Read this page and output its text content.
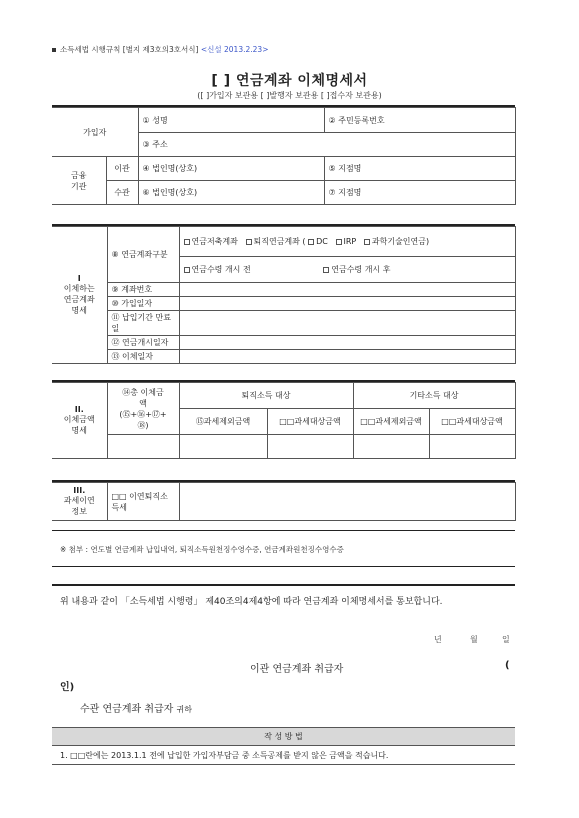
소득세법 시행규칙 [별지 제3호의3호서식] <신설 2013.2.23>
[ ] 연금계좌 이체명세서
([ ]가입자 보관용 [ ]발행자 보관용 [ ]접수자 보관용)
가입자		① 성명	② 주민등록번호
		③ 주소	
금융
기관	이관	④ 법인명(상호)	⑤ 지점명
	수관	⑥ 법인명(상호)	⑦ 지점명
I
이체하는
연금계좌
명세	⑧ 연금계좌구분	연금저축계좌 퇴직연금계좌 ( DC IRP 과학기술인연금)
		연금수령 개시 전 연금수령 개시 후
	⑨ 계좌번호	
	⑩ 가입일자	
	⑪ 납입기간 만료일	
	⑫ 연금개시일자	
	⑬ 이체일자	
II.
이체금액
명세	⑭총 이체금
액
(⑮+⑯+⑰+
⑱)	퇴직소득 대상		기타소득 대상	
		⑮과세제외금액	□□과세대상금액	□□과세제외금액	□□과세대상금액

III.
과세이연
정보	□□ 이연퇴직소득세	
※ 첨부 : 연도별 연금계좌 납입내역, 퇴직소득원천징수영수증, 연금계좌원천징수영수증
위 내용과 같이 「소득세법 시행령」 제40조의4제4항에 따라 연금계좌 이체명세서를 통보합니다.
년	월	일
이관 연금계좌 취급자	(
인)
수관 연금계좌 취급자 귀하
작 성 방 법
1. □□란에는 2013.1.1 전에 납입한 가입자부담금 중 소득공제를 받지 않은 금액을 적습니다.
